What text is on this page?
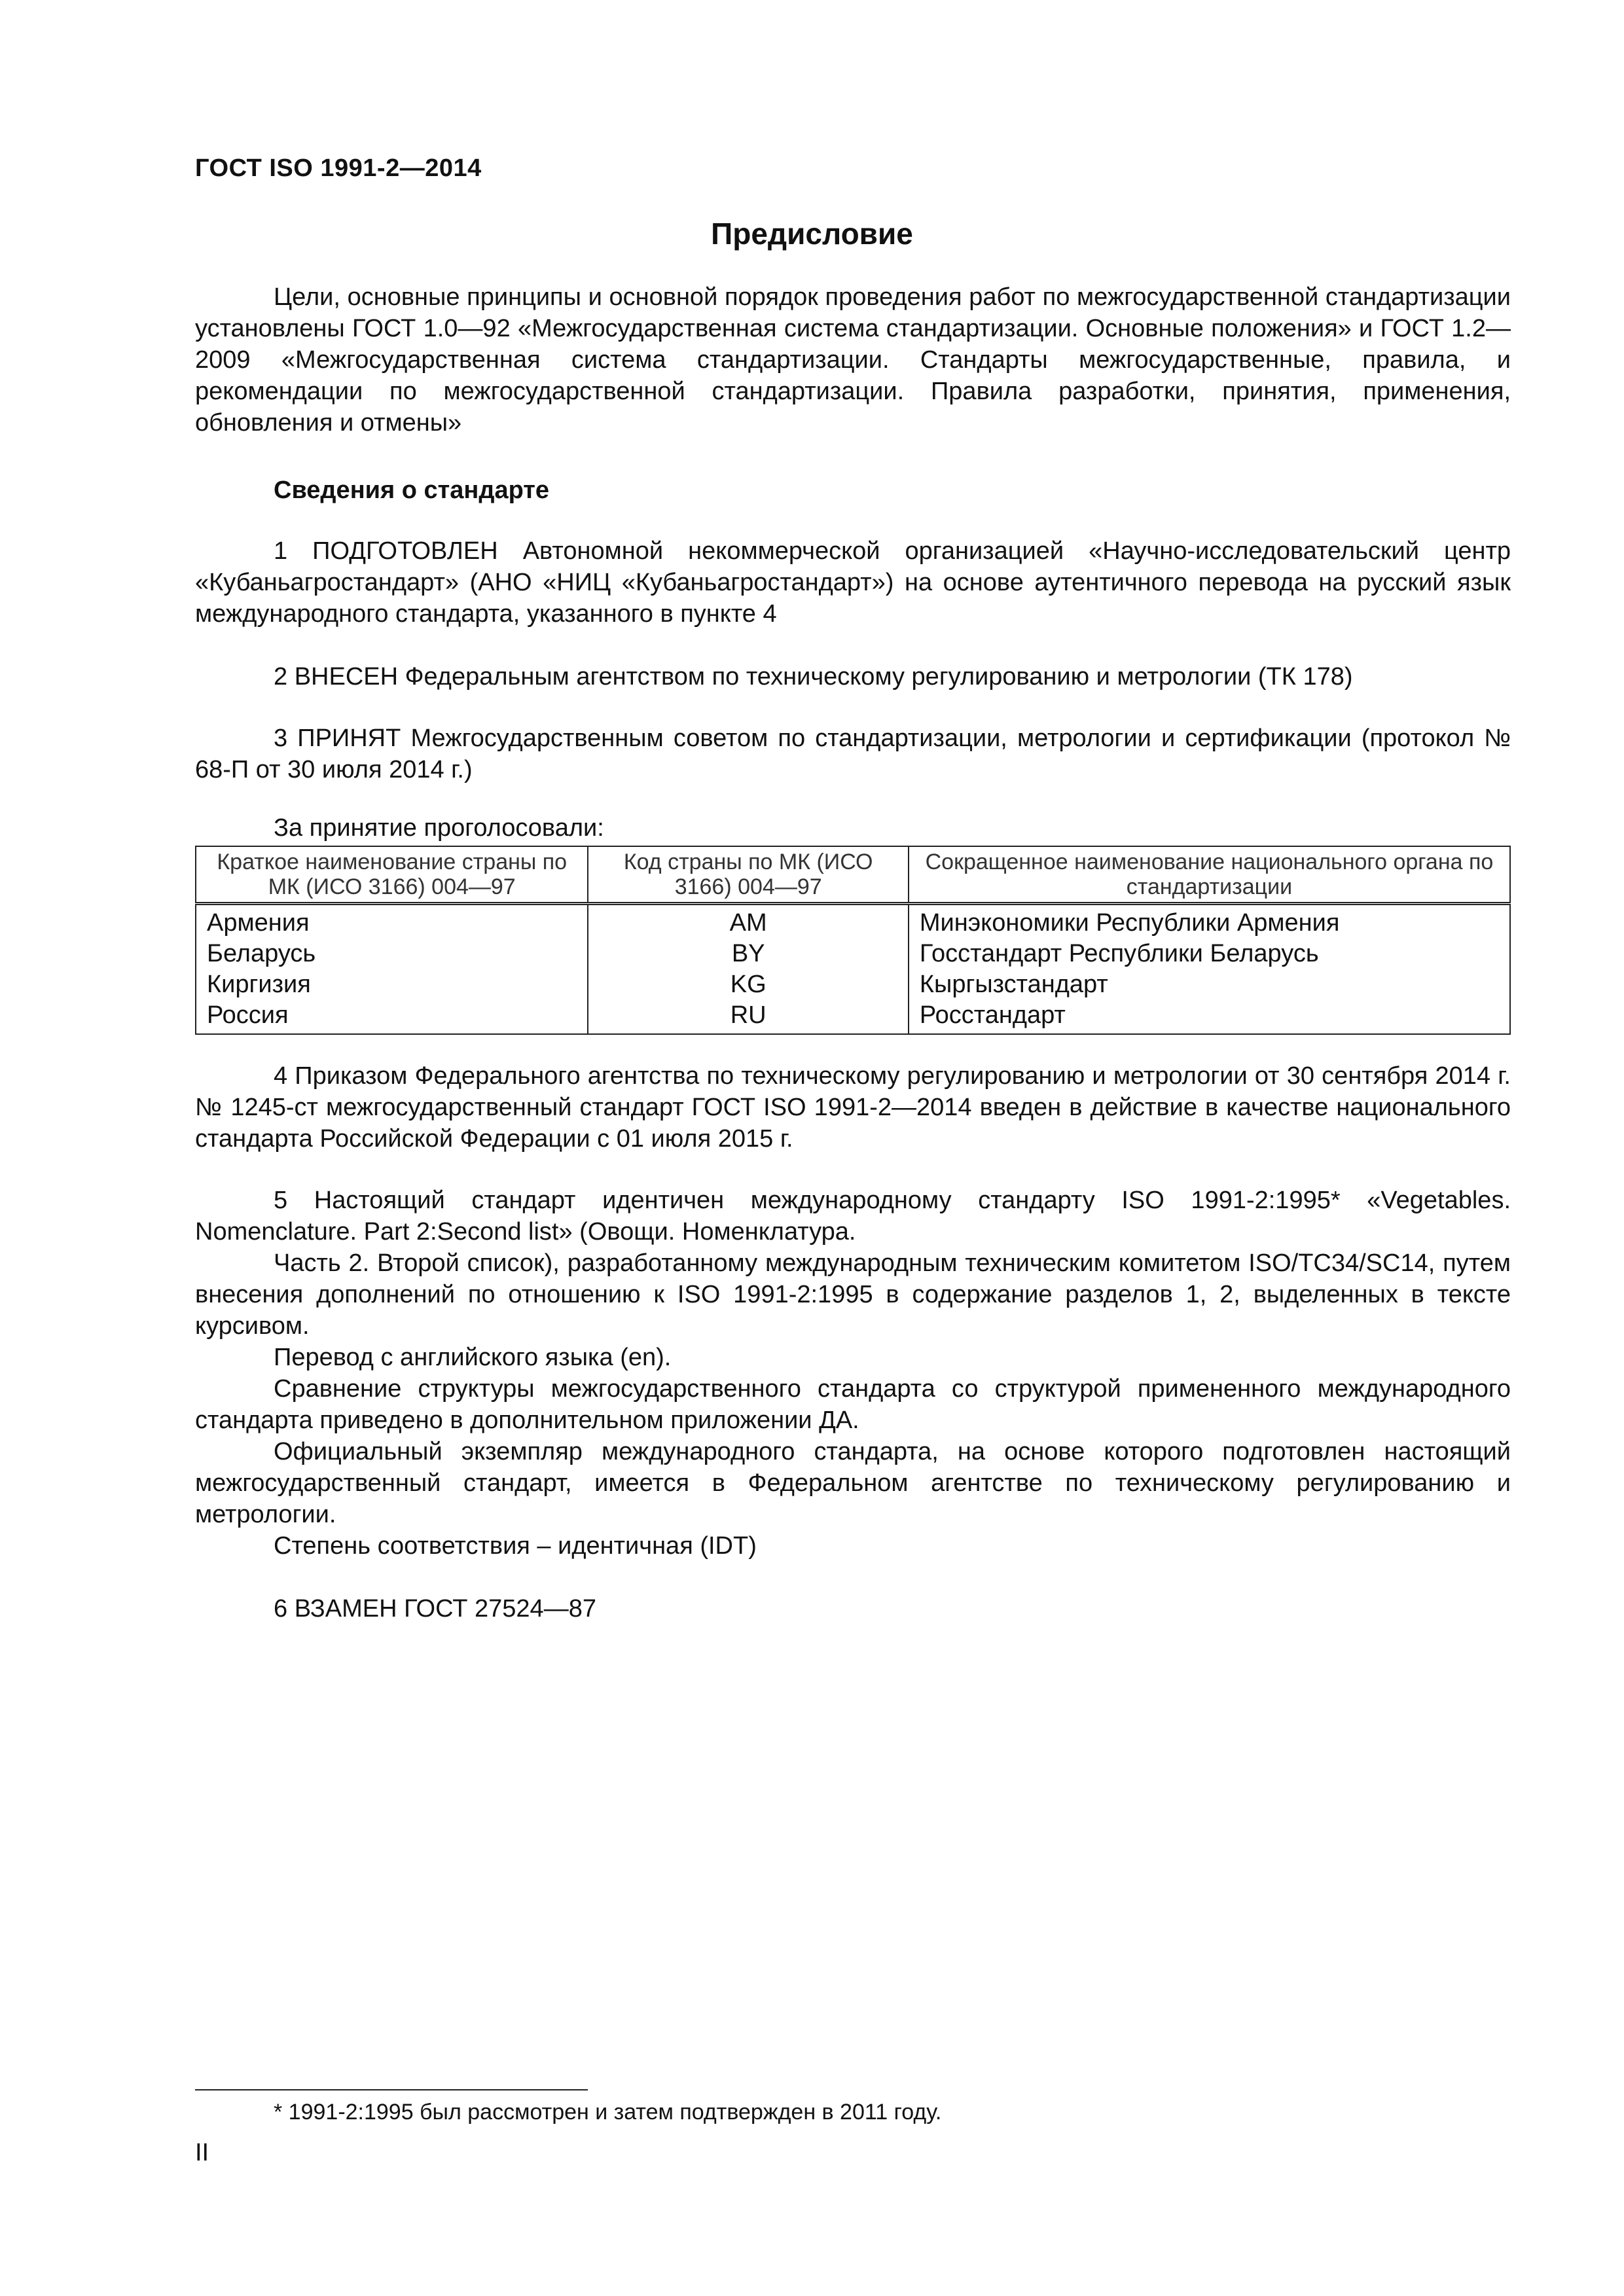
ГОСТ ISO 1991-2—2014
Предисловие

Цели, основные принципы и основной порядок проведения работ по межгосударственной стандартизации установлены ГОСТ 1.0—92 «Межгосударственная система стандартизации. Основные положения» и ГОСТ 1.2—2009 «Межгосударственная система стандартизации. Стандарты межгосударственные, правила, и рекомендации по межгосударственной стандартизации. Правила разработки, принятия, применения, обновления и отмены»

Сведения о стандарте

1 ПОДГОТОВЛЕН Автономной некоммерческой организацией «Научно-исследовательский центр «Кубаньагростандарт» (АНО «НИЦ «Кубаньагростандарт») на основе аутентичного перевода на русский язык международного стандарта, указанного в пункте 4

2 ВНЕСЕН Федеральным агентством по техническому регулированию и метрологии (ТК 178)

3 ПРИНЯТ Межгосударственным советом по стандартизации, метрологии и сертификации (протокол № 68-П от 30 июля 2014 г.)

За принятие проголосовали:
Краткое наименование страны по МК (ИСО 3166) 004—97	Код страны по МК (ИСО 3166) 004—97	Сокращенное наименование национального органа по стандартизации
Армения	AM	Минэкономики Республики Армения
Беларусь	BY	Госстандарт Республики Беларусь
Киргизия	KG	Кыргызстандарт
Россия	RU	Росстандарт

4 Приказом Федерального агентства по техническому регулированию и метрологии от 30 сентября 2014 г. № 1245-ст межгосударственный стандарт ГОСТ ISO 1991-2—2014 введен в действие в качестве национального стандарта Российской Федерации с 01 июля 2015 г.

5 Настоящий стандарт идентичен международному стандарту ISO 1991-2:1995* «Vegetables. Nomenclature. Part 2:Second list» (Овощи. Номенклатура.

Часть 2. Второй список), разработанному международным техническим комитетом ISO/TC34/SC14, путем внесения дополнений по отношению к ISO 1991-2:1995 в содержание разделов 1, 2, выделенных в тексте курсивом.

Перевод с английского языка (en).

Сравнение структуры межгосударственного стандарта со структурой примененного международного стандарта приведено в дополнительном приложении ДА.

Официальный экземпляр международного стандарта, на основе которого подготовлен настоящий межгосударственный стандарт, имеется в Федеральном агентстве по техническому регулированию и метрологии.

Степень соответствия – идентичная (IDT)

6 ВЗАМЕН ГОСТ 27524—87

* 1991-2:1995 был рассмотрен и затем подтвержден в 2011 году.
II
